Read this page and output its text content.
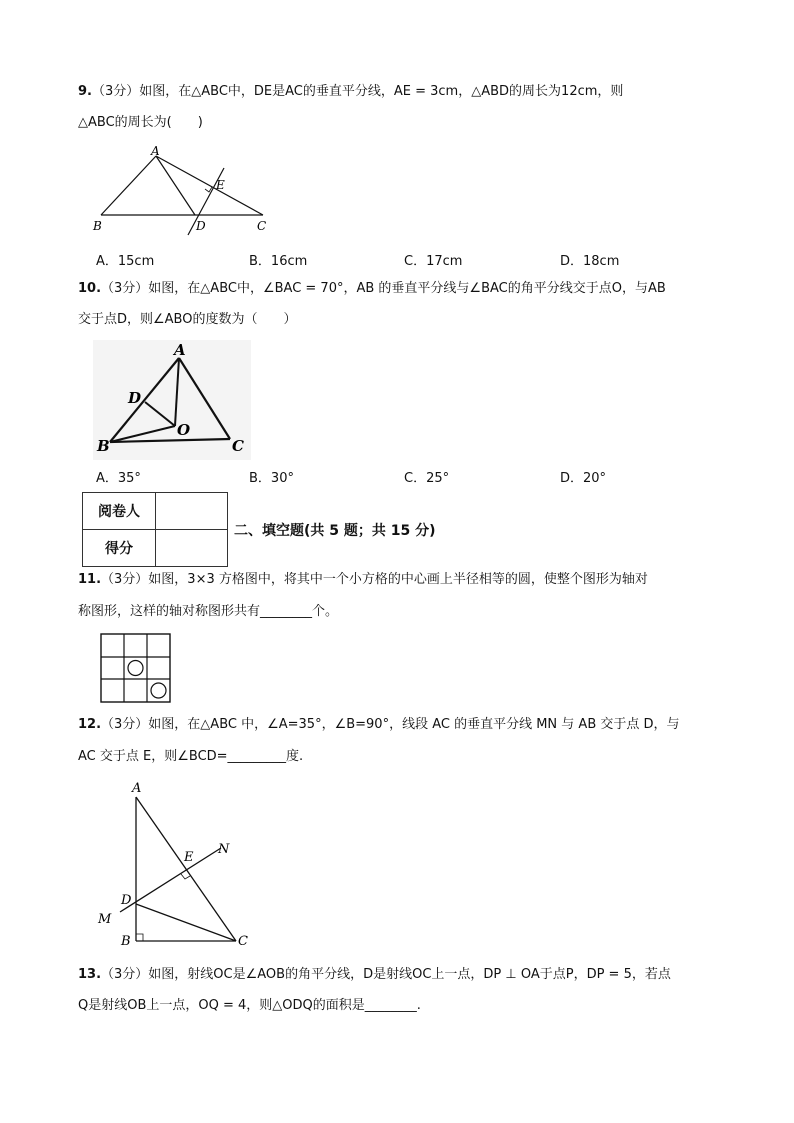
9.（3分）如图，在△ABC中，DE是AC的垂直平分线，AE = 3cm，△ABD的周长为12cm，则
△ABC的周长为(　　)
A
B	D	C
E
A．15cm	B．16cm	C．17cm	D．18cm
10.（3分）如图，在△ABC中，∠BAC = 70°，AB 的垂直平分线与∠BAC的角平分线交于点O，与AB
交于点D，则∠ABO的度数为（　　）
A
D
O
B	C
A．35°	B．30°	C．25°	D．20°
阅卷人	
得分	
二、填空题(共 5 题；共 15 分)
11.（3分）如图，3×3 方格图中，将其中一个小方格的中心画上半径相等的圆，使整个图形为轴对
称图形，这样的轴对称图形共有________个。
12.（3分）如图，在△ABC 中，∠A=35°，∠B=90°，线段 AC 的垂直平分线 MN 与 AB 交于点 D，与
AC 交于点 E，则∠BCD=_________度.
A
N
E
D
M
B	C
13.（3分）如图，射线OC是∠AOB的角平分线，D是射线OC上一点，DP ⊥ OA于点P，DP = 5，若点
Q是射线OB上一点，OQ = 4，则△ODQ的面积是________.
